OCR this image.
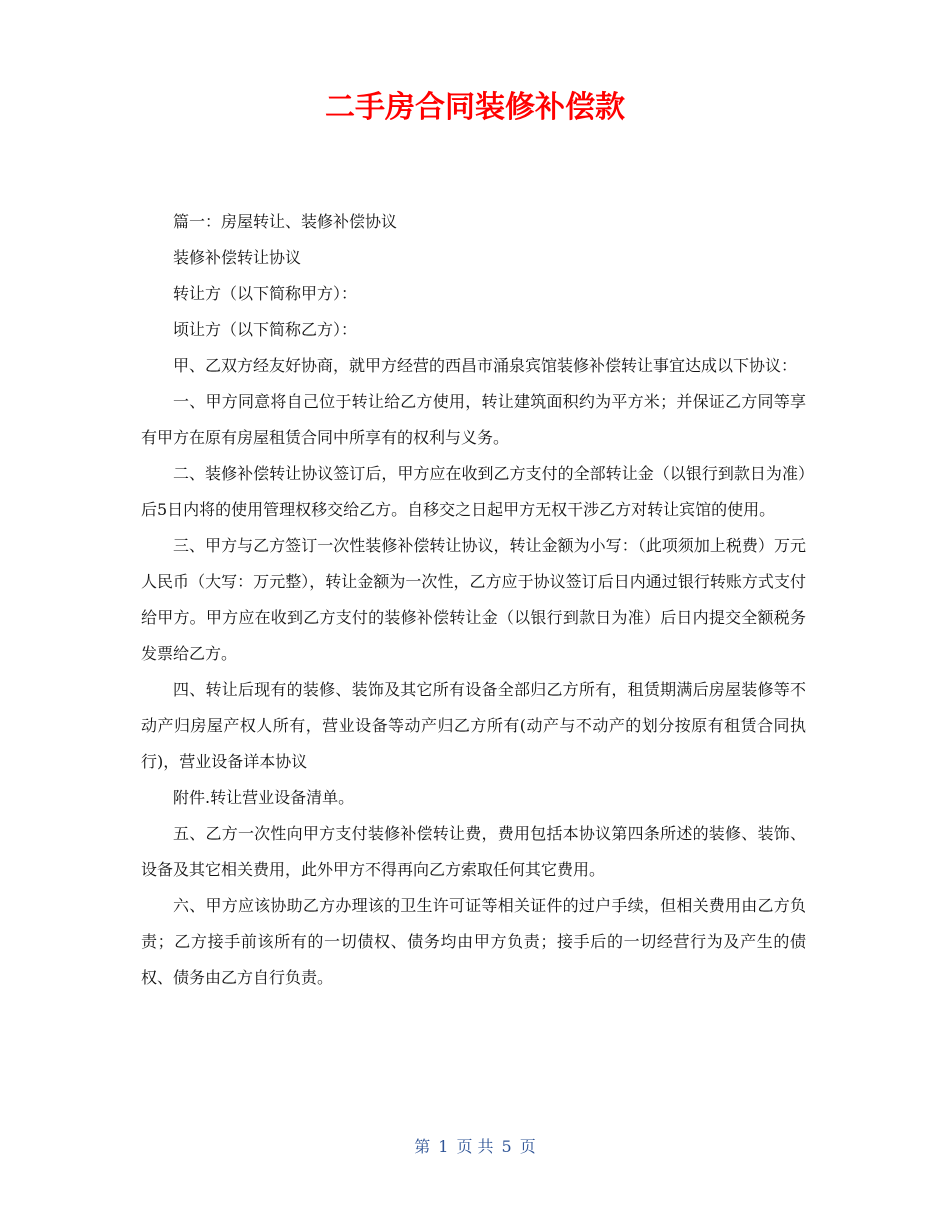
二手房合同装修补偿款

篇一：房屋转让、装修补偿协议

装修补偿转让协议

转让方（以下简称甲方）：

顷让方（以下简称乙方）：

甲、乙双方经友好协商，就甲方经营的西昌市涌泉宾馆装修补偿转让事宜达成以下协议：

一、甲方同意将自己位于转让给乙方使用，转让建筑面积约为平方米；并保证乙方同等享有甲方在原有房屋租赁合同中所享有的权利与义务。

二、装修补偿转让协议签订后，甲方应在收到乙方支付的全部转让金（以银行到款日为准）后5日内将的使用管理权移交给乙方。自移交之日起甲方无权干涉乙方对转让宾馆的使用。

三、甲方与乙方签订一次性装修补偿转让协议，转让金额为小写：（此项须加上税费）万元人民币（大写：万元整），转让金额为一次性，乙方应于协议签订后日内通过银行转账方式支付给甲方。甲方应在收到乙方支付的装修补偿转让金（以银行到款日为准）后日内提交全额税务发票给乙方。

四、转让后现有的装修、装饰及其它所有设备全部归乙方所有，租赁期满后房屋装修等不动产归房屋产权人所有，营业设备等动产归乙方所有(动产与不动产的划分按原有租赁合同执行)，营业设备详本协议

附件.转让营业设备清单。

五、乙方一次性向甲方支付装修补偿转让费，费用包括本协议第四条所述的装修、装饰、设备及其它相关费用，此外甲方不得再向乙方索取任何其它费用。

六、甲方应该协助乙方办理该的卫生许可证等相关证件的过户手续，但相关费用由乙方负责；乙方接手前该所有的一切债权、债务均由甲方负责；接手后的一切经营行为及产生的债权、债务由乙方自行负责。

第 1 页 共 5 页
